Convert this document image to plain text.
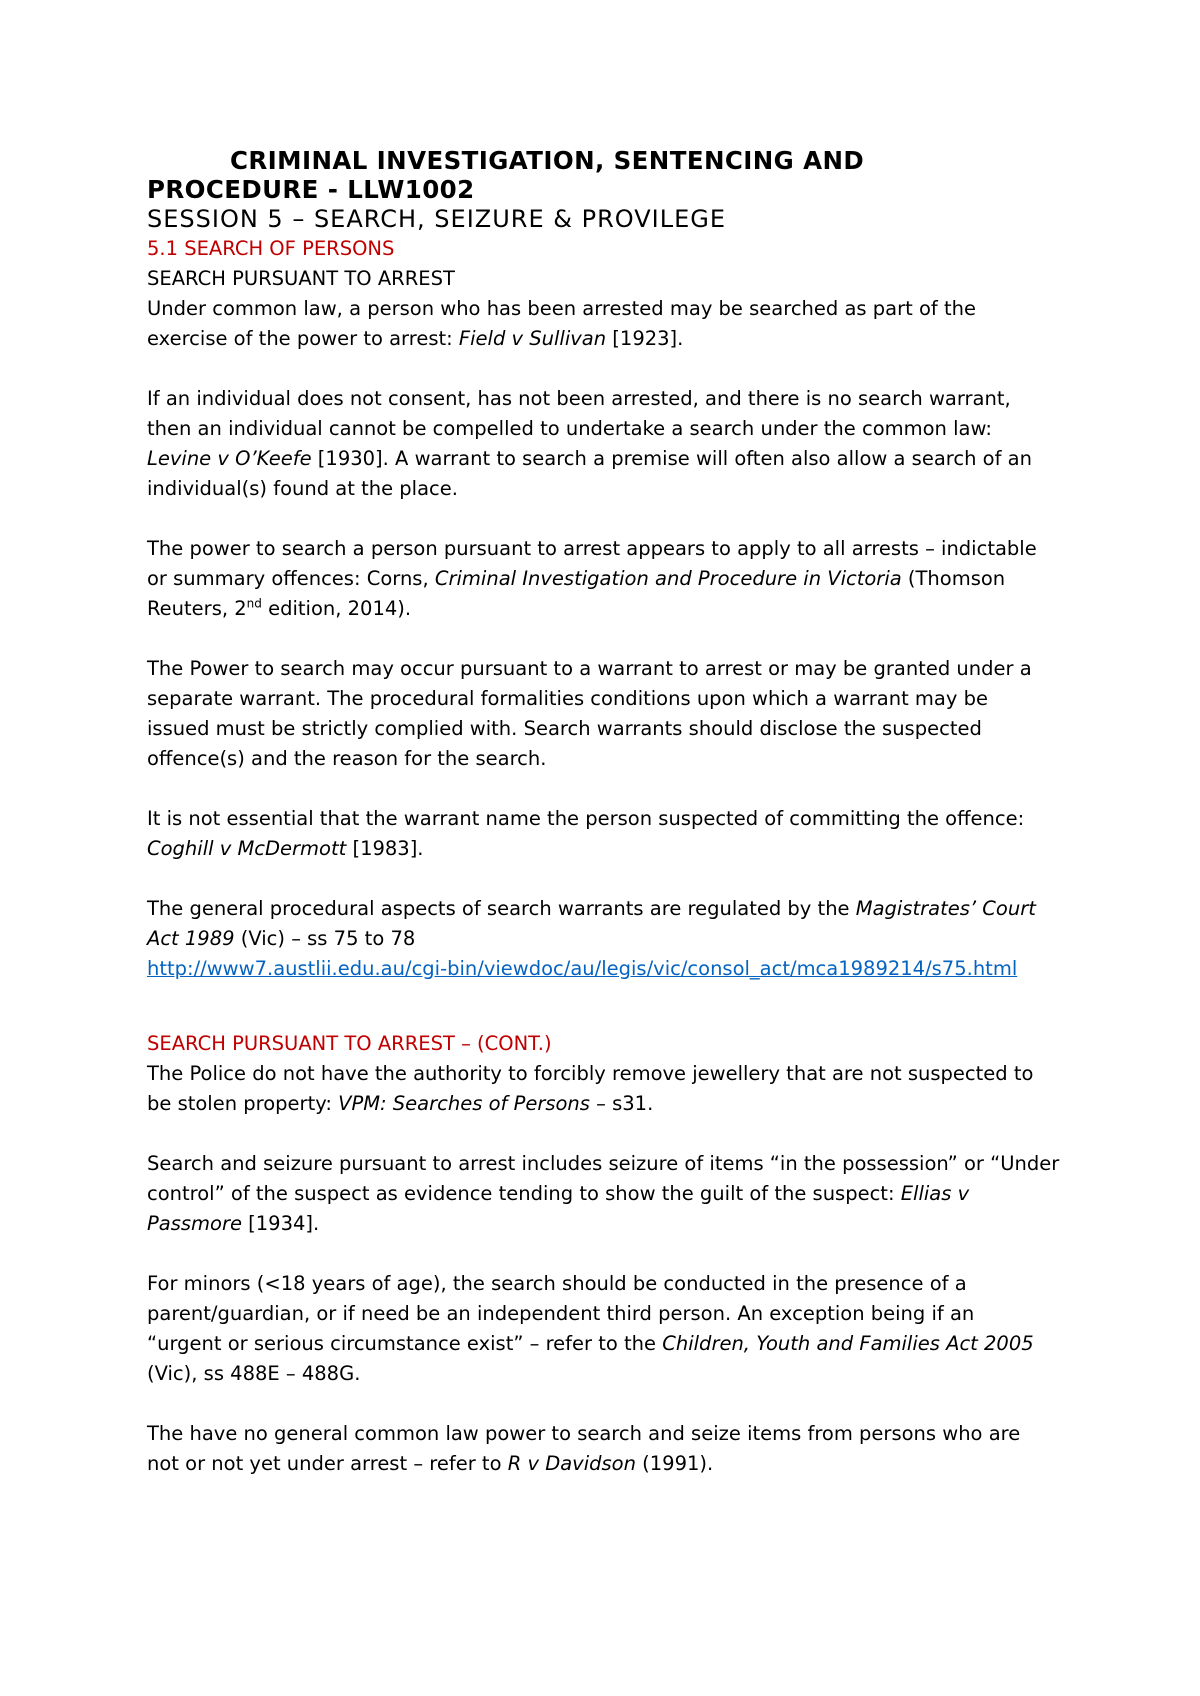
CRIMINAL INVESTIGATION, SENTENCING AND
PROCEDURE - LLW1002

SESSION 5 – SEARCH, SEIZURE & PROVILEGE

5.1 SEARCH OF PERSONS

SEARCH PURSUANT TO ARREST

Under common law, a person who has been arrested may be searched as part of the
exercise of the power to arrest: Field v Sullivan [1923].

If an individual does not consent, has not been arrested, and there is no search warrant,
then an individual cannot be compelled to undertake a search under the common law:
Levine v O’Keefe [1930]. A warrant to search a premise will often also allow a search of an
individual(s) found at the place.

The power to search a person pursuant to arrest appears to apply to all arrests – indictable
or summary offences: Corns, Criminal Investigation and Procedure in Victoria (Thomson
Reuters, 2nd edition, 2014).

The Power to search may occur pursuant to a warrant to arrest or may be granted under a
separate warrant. The procedural formalities conditions upon which a warrant may be
issued must be strictly complied with. Search warrants should disclose the suspected
offence(s) and the reason for the search.

It is not essential that the warrant name the person suspected of committing the offence:
Coghill v McDermott [1983].

The general procedural aspects of search warrants are regulated by the Magistrates’ Court
Act 1989 (Vic) – ss 75 to 78
http://www7.austlii.edu.au/cgi-bin/viewdoc/au/legis/vic/consol_act/mca1989214/s75.html

SEARCH PURSUANT TO ARREST – (CONT.)

The Police do not have the authority to forcibly remove jewellery that are not suspected to
be stolen property: VPM: Searches of Persons – s31.

Search and seizure pursuant to arrest includes seizure of items “in the possession” or “Under
control” of the suspect as evidence tending to show the guilt of the suspect: Ellias v
Passmore [1934].

For minors (<18 years of age), the search should be conducted in the presence of a
parent/guardian, or if need be an independent third person. An exception being if an
“urgent or serious circumstance exist” – refer to the Children, Youth and Families Act 2005
(Vic), ss 488E – 488G.

The have no general common law power to search and seize items from persons who are
not or not yet under arrest – refer to R v Davidson (1991).
